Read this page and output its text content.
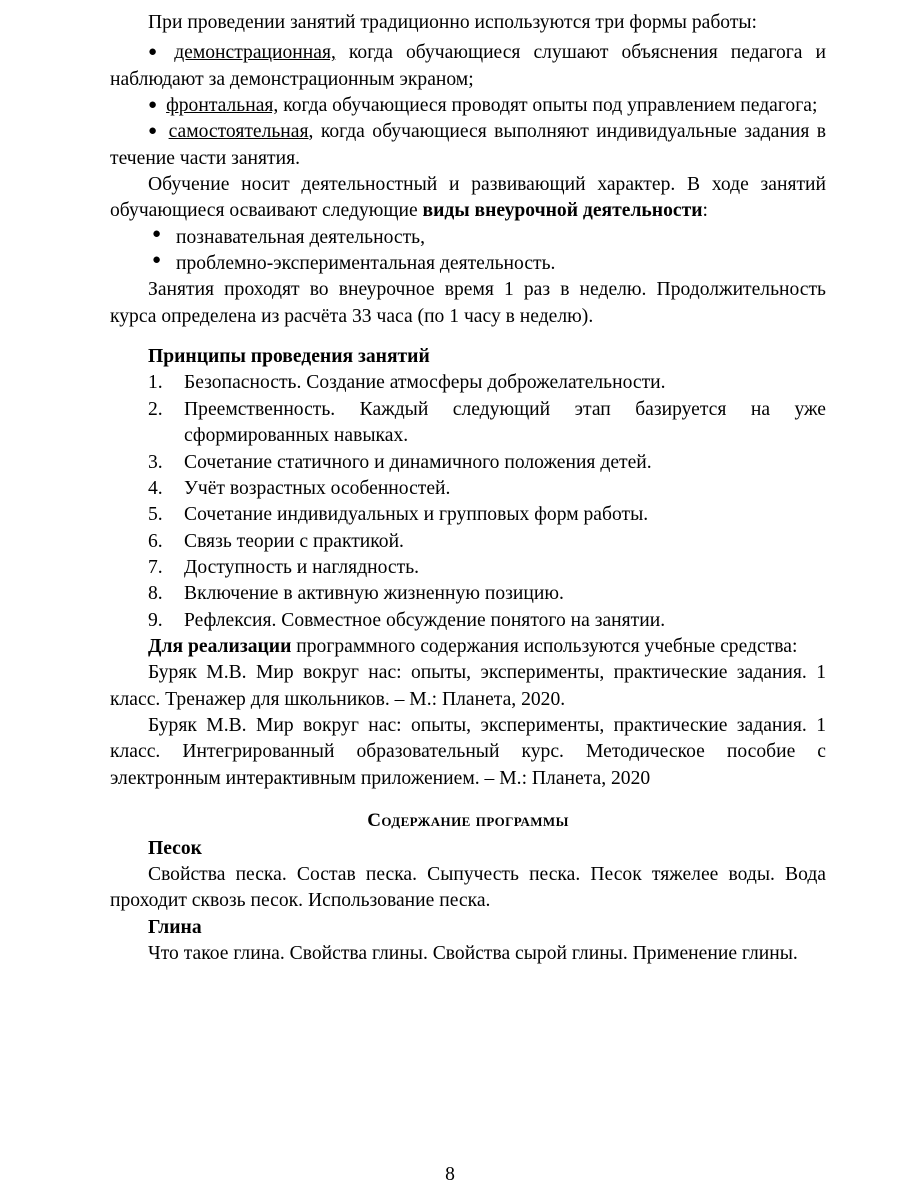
При проведении занятий традиционно используются три формы работы:

● демонстрационная, когда обучающиеся слушают объяснения педагога и наблюдают за демонстрационным экраном;

● фронтальная, когда обучающиеся проводят опыты под управлением педагога;

● самостоятельная, когда обучающиеся выполняют индивидуальные задания в течение части занятия.

Обучение носит деятельностный и развивающий характер. В ходе занятий обучающиеся осваивают следующие виды внеурочной деятельности:

● познавательная деятельность,
● проблемно-экспериментальная деятельность.

Занятия проходят во внеурочное время 1 раз в неделю. Продолжительность курса определена из расчёта 33 часа (по 1 часу в неделю).

Принципы проведения занятий

1. Безопасность. Создание атмосферы доброжелательности.
2. Преемственность. Каждый следующий этап базируется на уже сформированных навыках.
3. Сочетание статичного и динамичного положения детей.
4. Учёт возрастных особенностей.
5. Сочетание индивидуальных и групповых форм работы.
6. Связь теории с практикой.
7. Доступность и наглядность.
8. Включение в активную жизненную позицию.
9. Рефлексия. Совместное обсуждение понятого на занятии.

Для реализации программного содержания используются учебные средства:

Буряк М.В. Мир вокруг нас: опыты, эксперименты, практические задания. 1 класс. Тренажер для школьников. – М.: Планета, 2020.

Буряк М.В. Мир вокруг нас: опыты, эксперименты, практические задания. 1 класс. Интегрированный образовательный курс. Методическое пособие с электронным интерактивным приложением. – М.: Планета, 2020

Содержание программы

Песок

Свойства песка. Состав песка. Сыпучесть песка. Песок тяжелее воды. Вода проходит сквозь песок. Использование песка.

Глина

Что такое глина. Свойства глины. Свойства сырой глины. Применение глины.

8
